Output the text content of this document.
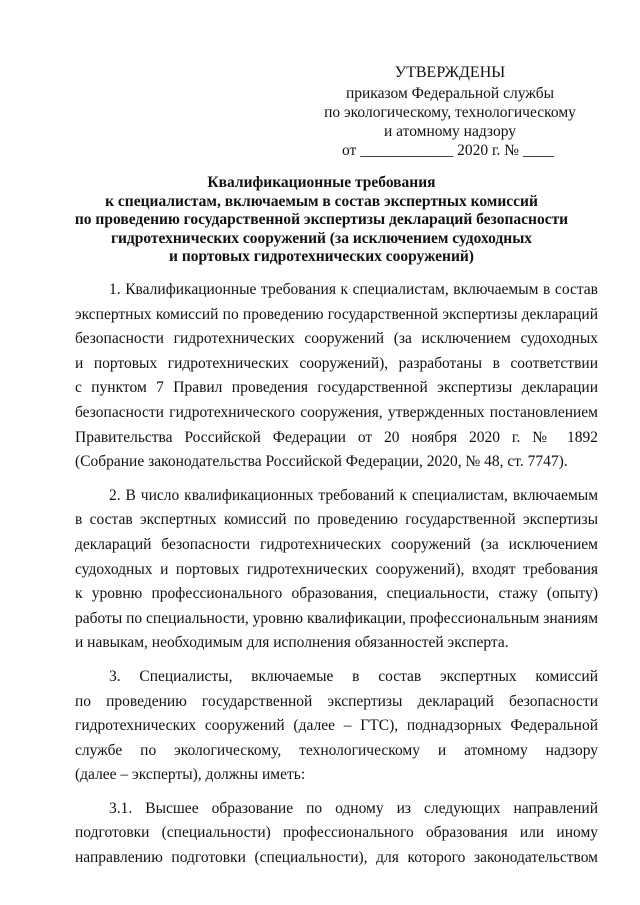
УТВЕРЖДЕНЫ
приказом Федеральной службы
по экологическому, технологическому
и атомному надзору
от ____________ 2020 г. № ____
Квалификационные требования
к специалистам, включаемым в состав экспертных комиссий
по проведению государственной экспертизы деклараций безопасности
гидротехнических сооружений (за исключением судоходных
и портовых гидротехнических сооружений)
1. Квалификационные требования к специалистам, включаемым в состав
экспертных комиссий по проведению государственной экспертизы деклараций
безопасности гидротехнических сооружений (за исключением судоходных
и портовых гидротехнических сооружений), разработаны в соответствии
с пунктом 7 Правил проведения государственной экспертизы декларации
безопасности гидротехнического сооружения, утвержденных постановлением
Правительства Российской Федерации от 20 ноября 2020 г. № 1892
(Собрание законодательства Российской Федерации, 2020, № 48, ст. 7747).
2. В число квалификационных требований к специалистам, включаемым
в состав экспертных комиссий по проведению государственной экспертизы
деклараций безопасности гидротехнических сооружений (за исключением
судоходных и портовых гидротехнических сооружений), входят требования
к уровню профессионального образования, специальности, стажу (опыту)
работы по специальности, уровню квалификации, профессиональным знаниям
и навыкам, необходимым для исполнения обязанностей эксперта.
3. Специалисты, включаемые в состав экспертных комиссий
по проведению государственной экспертизы деклараций безопасности
гидротехнических сооружений (далее – ГТС), поднадзорных Федеральной
службе по экологическому, технологическому и атомному надзору
(далее – эксперты), должны иметь:
3.1. Высшее образование по одному из следующих направлений
подготовки (специальности) профессионального образования или иному
направлению подготовки (специальности), для которого законодательством
